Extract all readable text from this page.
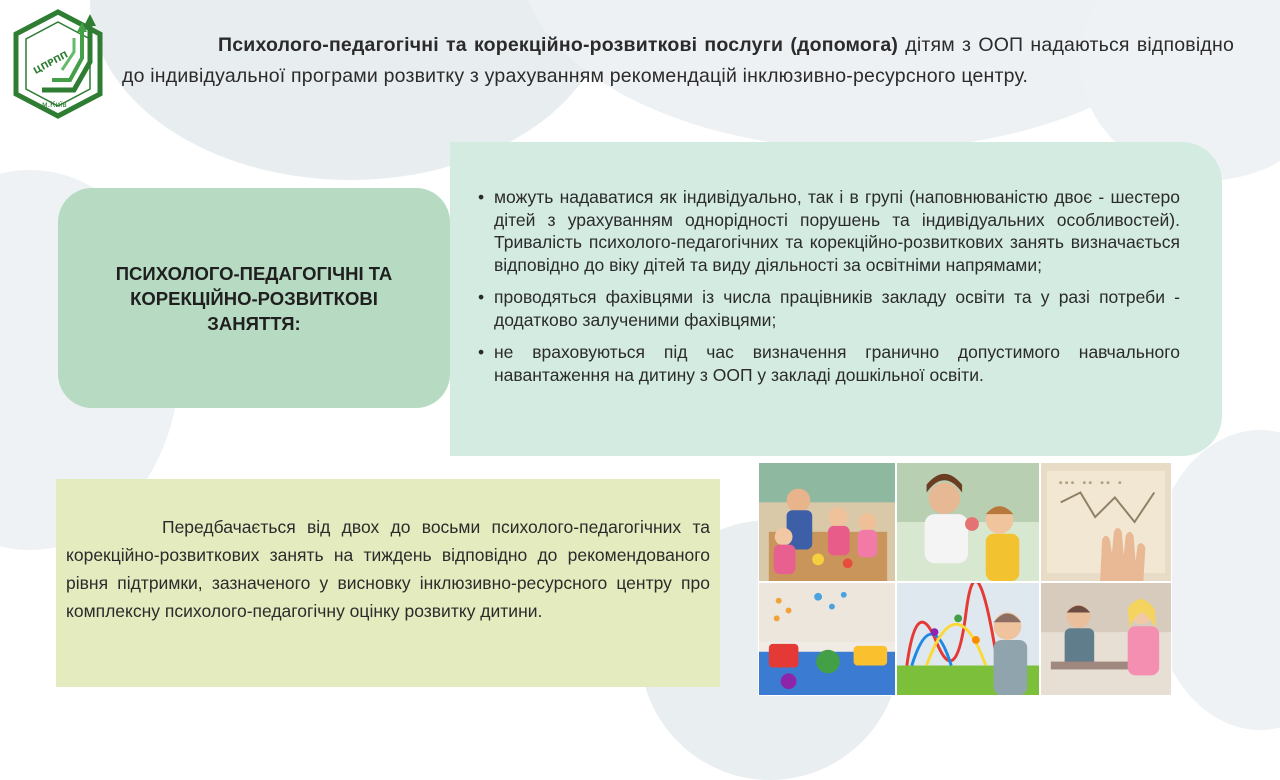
ЦПРПП
м.Київ
Психолого-педагогічні та корекційно-розвиткові послуги (допомога) дітям з ООП надаються відповідно до індивідуальної програми розвитку з урахуванням рекомендацій інклюзивно-ресурсного центру.
• можуть надаватися як індивідуально, так і в групі (наповнюваністю двоє - шестеро дітей з урахуванням однорідності порушень та індивідуальних особливостей). Тривалість психолого-педагогічних та корекційно-розвиткових занять визначається відповідно до віку дітей та виду діяльності за освітніми напрямами;
• проводяться фахівцями із числа працівників закладу освіти та у разі потреби - додатково залученими фахівцями;
• не враховуються під час визначення гранично допустимого навчального навантаження на дитину з ООП у закладі дошкільної освіти.
ПСИХОЛОГО-ПЕДАГОГІЧНІ ТА КОРЕКЦІЙНО-РОЗВИТКОВІ ЗАНЯТТЯ:
Передбачається від двох до восьми психолого-педагогічних та корекційно-розвиткових занять на тиждень відповідно до рекомендованого рівня підтримки, зазначеного у висновку інклюзивно-ресурсного центру про комплексну психолого-педагогічну оцінку розвитку дитини.
